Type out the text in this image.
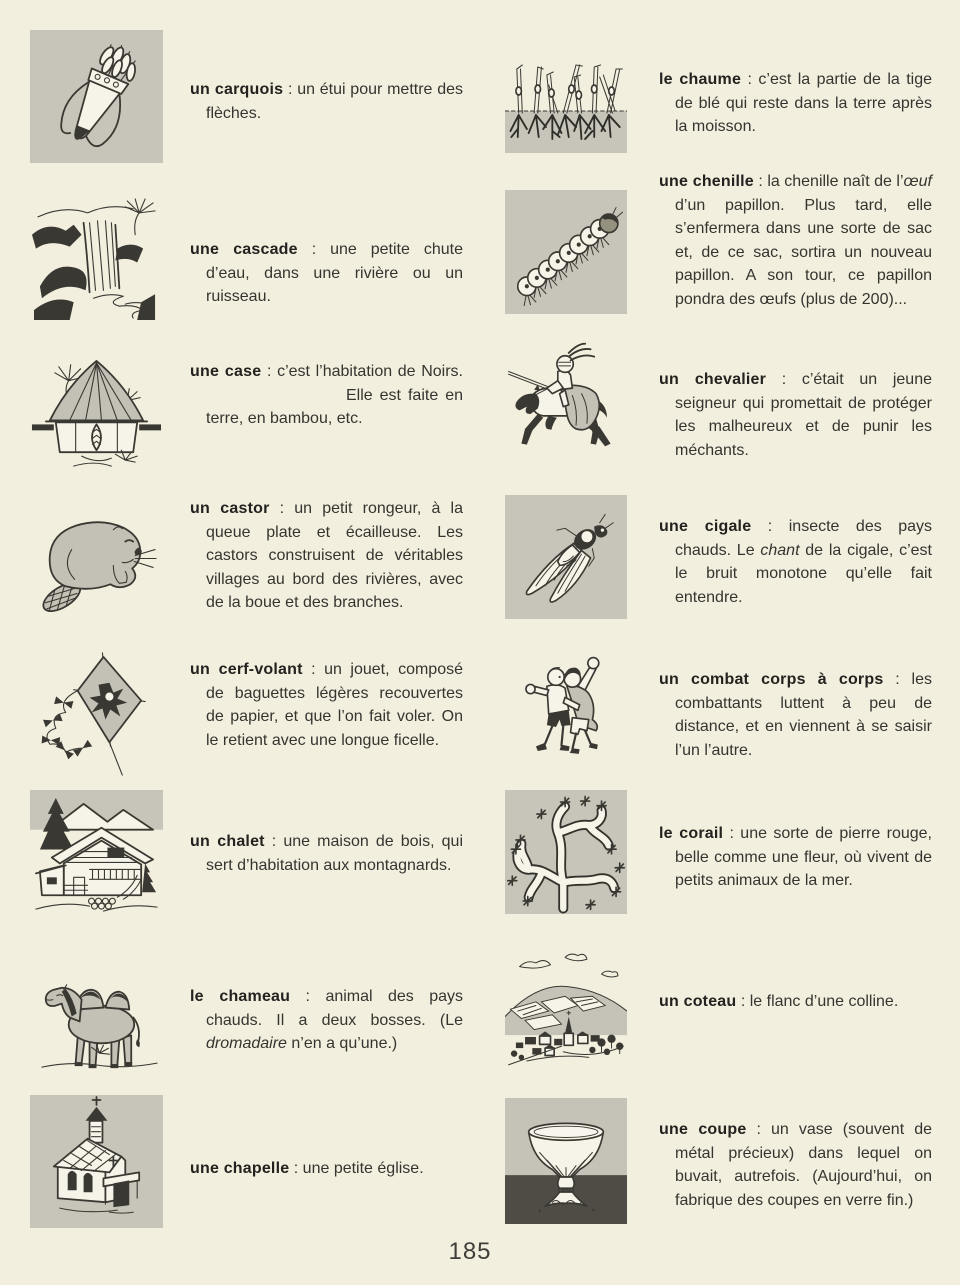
un carquois : un étui pour mettre des flèches.

une cascade : une petite chute d’eau, dans une rivière ou un ruisseau.

une case : c’est l’habitation de Noirs.Elle est faite en terre, en bambou, etc.

un castor : un petit rongeur, à la queue plate et écailleuse. Les castors construisent de véritables villages au bord des rivières, avec de la boue et des branches.

un cerf-volant : un jouet, composé de baguettes légères recouvertes de papier, et que l’on fait voler. On le retient avec une longue ficelle.

un chalet : une maison de bois, qui sert d’habitation aux montagnards.

le chameau : animal des pays chauds. Il a deux bosses. (Le dromadaire n’en a qu’une.)

une chapelle : une petite église.

le chaume : c’est la partie de la tige de blé qui reste dans la terre après la moisson.

une chenille : la chenille naît de l’œuf d’un papillon. Plus tard, elle s’enfermera dans une sorte de sac et, de ce sac, sortira un nouveau papillon. A son tour, ce papillon pondra des œufs (plus de 200)...

un chevalier : c’était un jeune seigneur qui promettait de protéger les malheureux et de punir les méchants.

une cigale : insecte des pays chauds. Le chant de la cigale, c’est le bruit monotone qu’elle fait entendre.

un combat corps à corps : les combattants luttent à peu de distance, et en viennent à se saisir l’un l’autre.

le corail : une sorte de pierre rouge, belle comme une fleur, où vivent de petits animaux de la mer.

un coteau : le flanc d’une colline.

une coupe : un vase (souvent de métal précieux) dans lequel on buvait, autrefois. (Aujourd’hui, on fabrique des coupes en verre fin.)

185
